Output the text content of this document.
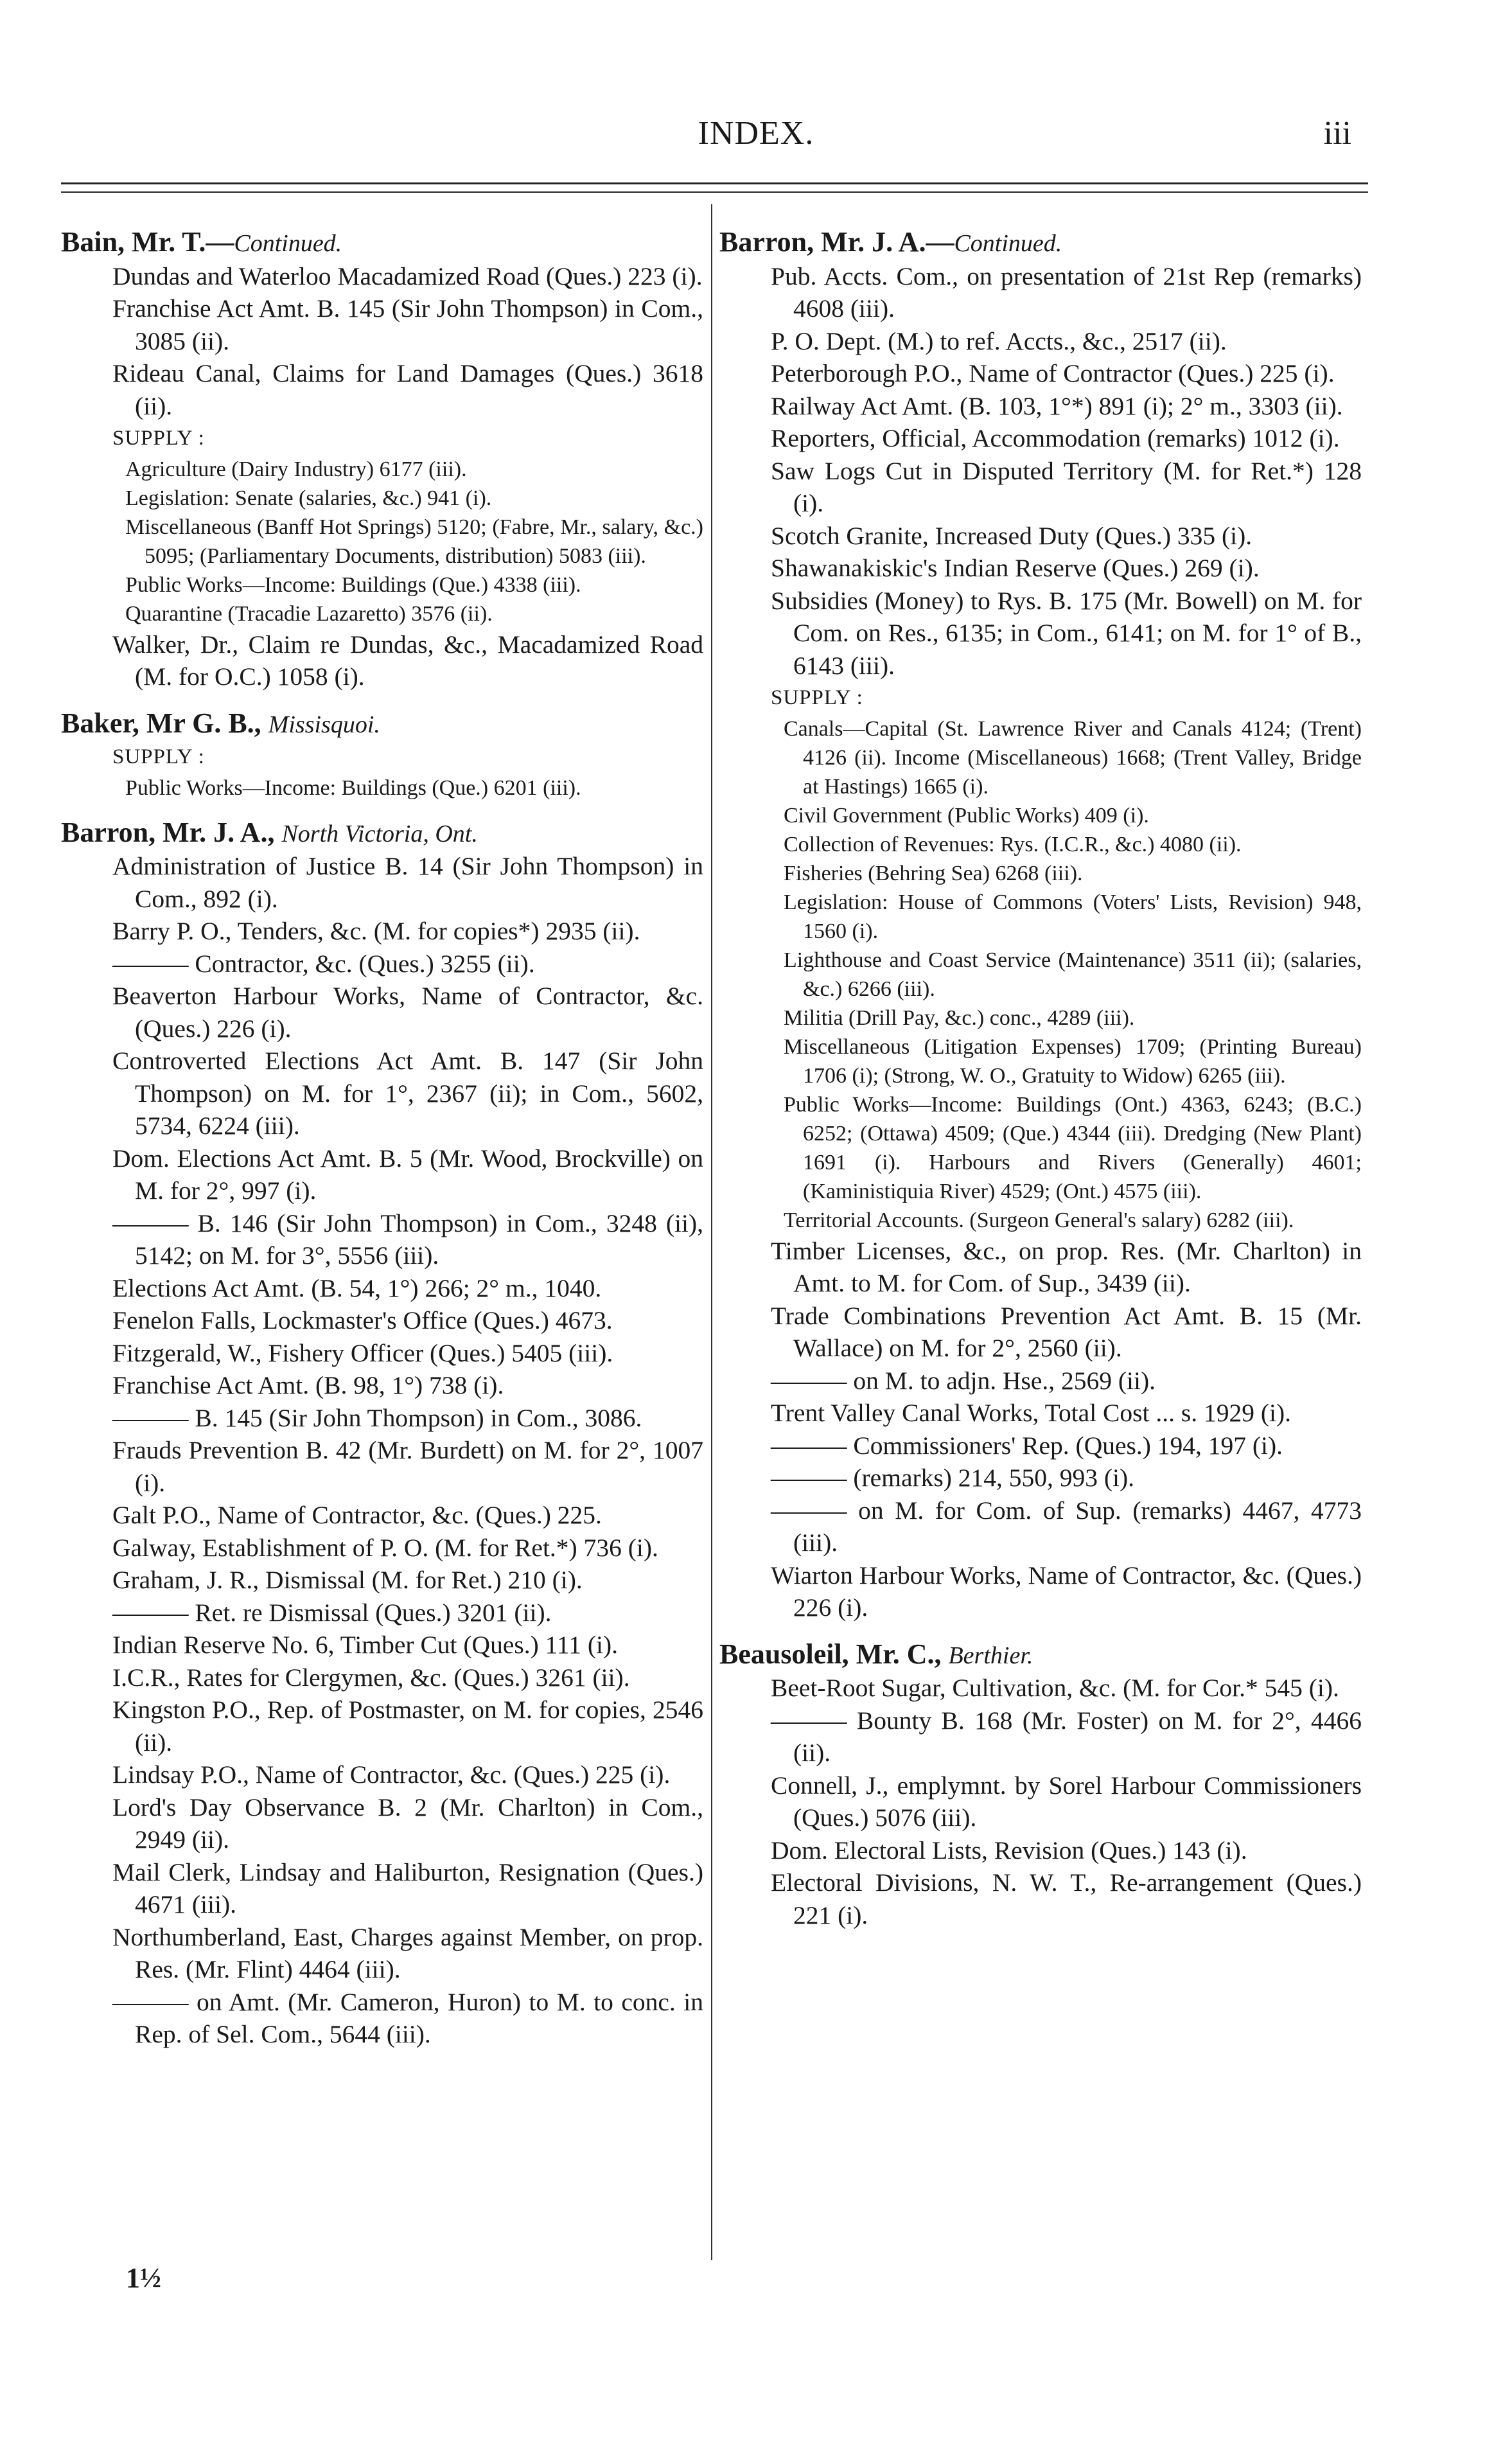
INDEX.	iii
Bain, Mr. T.—Continued.
Dundas and Waterloo Macadamized Road (Ques.) 223 (i).
Franchise Act Amt. B. 145 (Sir John Thompson) in Com., 3085 (ii).
Rideau Canal, Claims for Land Damages (Ques.) 3618 (ii).
SUPPLY :
Agriculture (Dairy Industry) 6177 (iii).
Legislation: Senate (salaries, &c.) 941 (i).
Miscellaneous (Banff Hot Springs) 5120; (Fabre, Mr., salary, &c.) 5095; (Parliamentary Documents, distribution) 5083 (iii).
Public Works—Income: Buildings (Que.) 4338 (iii).
Quarantine (Tracadie Lazaretto) 3576 (ii).
Walker, Dr., Claim re Dundas, &c., Macadamized Road (M. for O.C.) 1058 (i).
Baker, Mr G. B., Missisquoi.
SUPPLY :
Public Works—Income: Buildings (Que.) 6201 (iii).
Barron, Mr. J. A., North Victoria, Ont.
Administration of Justice B. 14 (Sir John Thompson) in Com., 892 (i).
Barry P. O., Tenders, &c. (M. for copies*) 2935 (ii).
——— Contractor, &c. (Ques.) 3255 (ii).
Beaverton Harbour Works, Name of Contractor, &c. (Ques.) 226 (i).
Controverted Elections Act Amt. B. 147 (Sir John Thompson) on M. for 1°, 2367 (ii); in Com., 5602, 5734, 6224 (iii).
Dom. Elections Act Amt. B. 5 (Mr. Wood, Brockville) on M. for 2°, 997 (i).
——— B. 146 (Sir John Thompson) in Com., 3248 (ii), 5142; on M. for 3°, 5556 (iii).
Elections Act Amt. (B. 54, 1°) 266; 2° m., 1040.
Fenelon Falls, Lockmaster's Office (Ques.) 4673.
Fitzgerald, W., Fishery Officer (Ques.) 5405 (iii).
Franchise Act Amt. (B. 98, 1°) 738 (i).
——— B. 145 (Sir John Thompson) in Com., 3086.
Frauds Prevention B. 42 (Mr. Burdett) on M. for 2°, 1007 (i).
Galt P.O., Name of Contractor, &c. (Ques.) 225.
Galway, Establishment of P. O. (M. for Ret.*) 736 (i).
Graham, J. R., Dismissal (M. for Ret.) 210 (i).
——— Ret. re Dismissal (Ques.) 3201 (ii).
Indian Reserve No. 6, Timber Cut (Ques.) 111 (i).
I.C.R., Rates for Clergymen, &c. (Ques.) 3261 (ii).
Kingston P.O., Rep. of Postmaster, on M. for copies, 2546 (ii).
Lindsay P.O., Name of Contractor, &c. (Ques.) 225 (i).
Lord's Day Observance B. 2 (Mr. Charlton) in Com., 2949 (ii).
Mail Clerk, Lindsay and Haliburton, Resignation (Ques.) 4671 (iii).
Northumberland, East, Charges against Member, on prop. Res. (Mr. Flint) 4464 (iii).
——— on Amt. (Mr. Cameron, Huron) to M. to conc. in Rep. of Sel. Com., 5644 (iii).
Barron, Mr. J. A.—Continued.
Pub. Accts. Com., on presentation of 21st Rep (remarks) 4608 (iii).
P. O. Dept. (M.) to ref. Accts., &c., 2517 (ii).
Peterborough P.O., Name of Contractor (Ques.) 225 (i).
Railway Act Amt. (B. 103, 1°*) 891 (i); 2° m., 3303 (ii).
Reporters, Official, Accommodation (remarks) 1012 (i).
Saw Logs Cut in Disputed Territory (M. for Ret.*) 128 (i).
Scotch Granite, Increased Duty (Ques.) 335 (i).
Shawanakiskic's Indian Reserve (Ques.) 269 (i).
Subsidies (Money) to Rys. B. 175 (Mr. Bowell) on M. for Com. on Res., 6135; in Com., 6141; on M. for 1° of B., 6143 (iii).
SUPPLY :
Canals—Capital (St. Lawrence River and Canals 4124; (Trent) 4126 (ii). Income (Miscellaneous) 1668; (Trent Valley, Bridge at Hastings) 1665 (i).
Civil Government (Public Works) 409 (i).
Collection of Revenues: Rys. (I.C.R., &c.) 4080 (ii).
Fisheries (Behring Sea) 6268 (iii).
Legislation: House of Commons (Voters' Lists, Revision) 948, 1560 (i).
Lighthouse and Coast Service (Maintenance) 3511 (ii); (salaries, &c.) 6266 (iii).
Militia (Drill Pay, &c.) conc., 4289 (iii).
Miscellaneous (Litigation Expenses) 1709; (Printing Bureau) 1706 (i); (Strong, W. O., Gratuity to Widow) 6265 (iii).
Public Works—Income: Buildings (Ont.) 4363, 6243; (B.C.) 6252; (Ottawa) 4509; (Que.) 4344 (iii). Dredging (New Plant) 1691 (i). Harbours and Rivers (Generally) 4601; (Kaministiquia River) 4529; (Ont.) 4575 (iii).
Territorial Accounts. (Surgeon General's salary) 6282 (iii).
Timber Licenses, &c., on prop. Res. (Mr. Charlton) in Amt. to M. for Com. of Sup., 3439 (ii).
Trade Combinations Prevention Act Amt. B. 15 (Mr. Wallace) on M. for 2°, 2560 (ii).
——— on M. to adjn. Hse., 2569 (ii).
Trent Valley Canal Works, Total Cost ... s. 1929 (i).
——— Commissioners' Rep. (Ques.) 194, 197 (i).
——— (remarks) 214, 550, 993 (i).
——— on M. for Com. of Sup. (remarks) 4467, 4773 (iii).
Wiarton Harbour Works, Name of Contractor, &c. (Ques.) 226 (i).
Beausoleil, Mr. C., Berthier.
Beet-Root Sugar, Cultivation, &c. (M. for Cor.* 545 (i).
——— Bounty B. 168 (Mr. Foster) on M. for 2°, 4466 (ii).
Connell, J., emplymnt. by Sorel Harbour Commissioners (Ques.) 5076 (iii).
Dom. Electoral Lists, Revision (Ques.) 143 (i).
Electoral Divisions, N. W. T., Re-arrangement (Ques.) 221 (i).
1½
